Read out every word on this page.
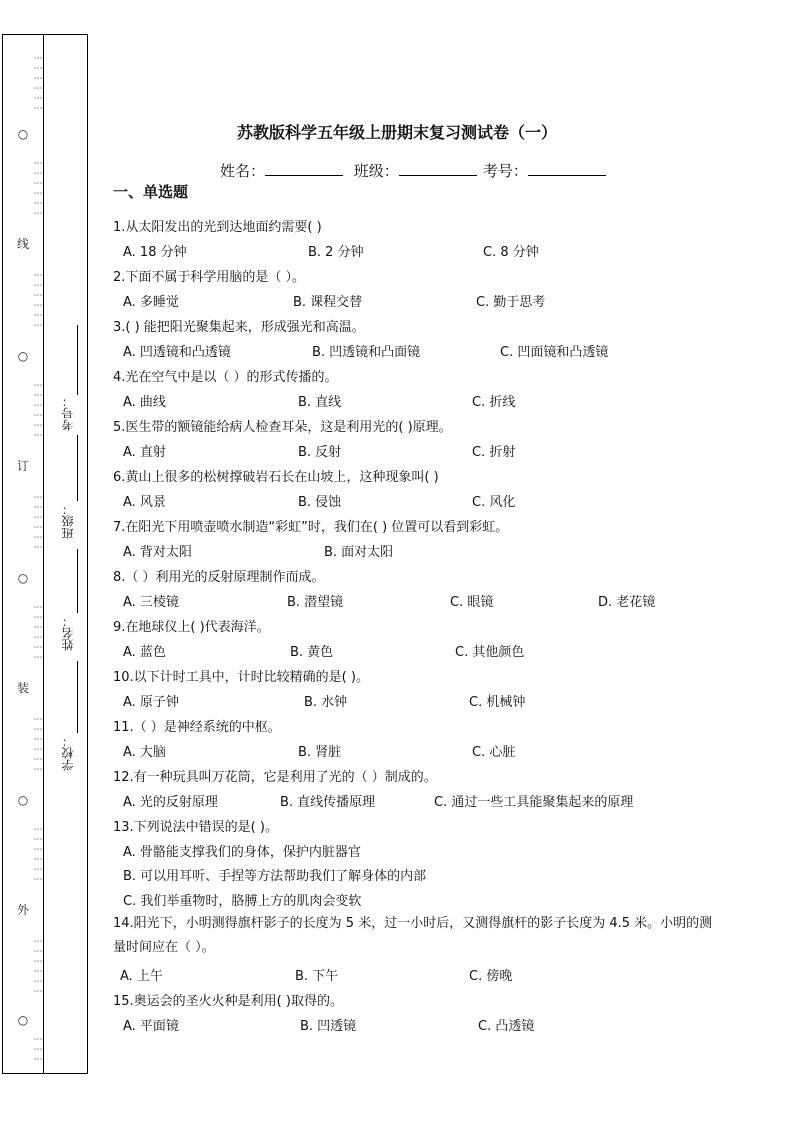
⋯⋯⋯⋯⋯⋯
○
⋯⋯⋯⋯⋯⋯
线
⋯⋯⋯⋯⋯⋯
○
⋯⋯⋯⋯⋯⋯
订
⋯⋯⋯⋯⋯⋯
○
⋯⋯⋯⋯⋯⋯
装
⋯⋯⋯⋯⋯⋯
○
⋯⋯⋯⋯⋯⋯
外
⋯⋯⋯⋯⋯⋯
○
⋯⋯⋯
考号：
班级：
姓名：
学校：
苏教版科学五年级上册期末复习测试卷（一）
姓名：	班级：	考号：
一、单选题
1.从太阳发出的光到达地面约需要( )
A. 18 分钟	B. 2 分钟	C. 8 分钟
2.下面不属于科学用脑的是（ ）。
A. 多睡觉	B. 课程交替	C. 勤于思考
3.( ) 能把阳光聚集起来，形成强光和高温。
A. 凹透镜和凸透镜	B. 凹透镜和凸面镜	C. 凹面镜和凸透镜
4.光在空气中是以（ ）的形式传播的。
A. 曲线	B. 直线	C. 折线
5.医生带的额镜能给病人检查耳朵，这是利用光的( )原理。
A. 直射	B. 反射	C. 折射
6.黄山上很多的松树撑破岩石长在山坡上，这种现象叫( )
A. 风景	B. 侵蚀	C. 风化
7.在阳光下用喷壶喷水制造“彩虹”时，我们在( ) 位置可以看到彩虹。
A. 背对太阳	B. 面对太阳
8.（ ）利用光的反射原理制作而成。
A. 三棱镜	B. 潜望镜	C. 眼镜	D. 老花镜
9.在地球仪上( )代表海洋。
A. 蓝色	B. 黄色	C. 其他颜色
10.以下计时工具中，计时比较精确的是( )。
A. 原子钟	B. 水钟	C. 机械钟
11.（ ）是神经系统的中枢。
A. 大脑	B. 肾脏	C. 心脏
12.有一种玩具叫万花筒，它是利用了光的（ ）制成的。
A. 光的反射原理	B. 直线传播原理	C. 通过一些工具能聚集起来的原理
13.下列说法中错误的是( )。
A. 骨骼能支撑我们的身体，保护内脏器官
B. 可以用耳听、手捏等方法帮助我们了解身体的内部
C. 我们举重物时，胳膊上方的肌肉会变软
14.阳光下，小明测得旗杆影子的长度为 5 米，过一小时后，又测得旗杆的影子长度为 4.5 米。小明的测量时间应在（ ）。
A. 上午	B. 下午	C. 傍晚
15.奥运会的圣火火种是利用( )取得的。
A. 平面镜	B. 凹透镜	C. 凸透镜
